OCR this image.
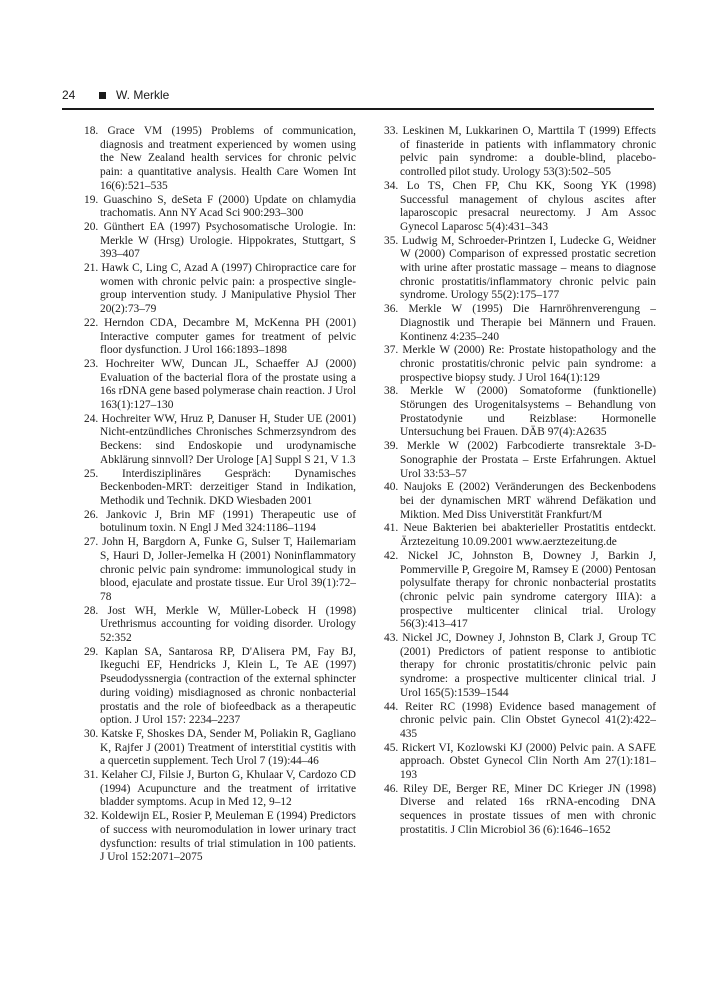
24	W. Merkle

18. Grace VM (1995) Problems of communication, diagnosis and treatment experienced by women using the New Zealand health services for chronic pelvic pain: a quantitative analysis. Health Care Women Int 16(6):521–535

19. Guaschino S, deSeta F (2000) Update on chlamydia trachomatis. Ann NY Acad Sci 900:293–300

20. Günthert EA (1997) Psychosomatische Urologie. In: Merkle W (Hrsg) Urologie. Hippokrates, Stuttgart, S 393–407

21. Hawk C, Ling C, Azad A (1997) Chiropractice care for women with chronic pelvic pain: a prospective single-group intervention study. J Manipulative Physiol Ther 20(2):73–79

22. Herndon CDA, Decambre M, McKenna PH (2001) Interactive computer games for treatment of pelvic floor dysfunction. J Urol 166:1893–1898

23. Hochreiter WW, Duncan JL, Schaeffer AJ (2000) Evaluation of the bacterial flora of the prostate using a 16s rDNA gene based polymerase chain reaction. J Urol 163(1):127–130

24. Hochreiter WW, Hruz P, Danuser H, Studer UE (2001) Nicht-entzündliches Chronisches Schmerzsyndrom des Beckens: sind Endoskopie und urodynamische Abklärung sinnvoll? Der Urologe [A] Suppl S 21, V 1.3

25. Interdisziplinäres Gespräch: Dynamisches Beckenboden-MRT: derzeitiger Stand in Indikation, Methodik und Technik. DKD Wiesbaden 2001

26. Jankovic J, Brin MF (1991) Therapeutic use of botulinum toxin. N Engl J Med 324:1186–1194

27. John H, Bargdorn A, Funke G, Sulser T, Hailemariam S, Hauri D, Joller-Jemelka H (2001) Noninflammatory chronic pelvic pain syndrome: immunological study in blood, ejaculate and prostate tissue. Eur Urol 39(1):72–78

28. Jost WH, Merkle W, Müller-Lobeck H (1998) Urethrismus accounting for voiding disorder. Urology 52:352

29. Kaplan SA, Santarosa RP, D'Alisera PM, Fay BJ, Ikeguchi EF, Hendricks J, Klein L, Te AE (1997) Pseudodyssnergia (contraction of the external sphincter during voiding) misdiagnosed as chronic nonbacterial prostatis and the role of biofeedback as a therapeutic option. J Urol 157: 2234–2237

30. Katske F, Shoskes DA, Sender M, Poliakin R, Gagliano K, Rajfer J (2001) Treatment of interstitial cystitis with a quercetin supplement. Tech Urol 7 (19):44–46

31. Kelaher CJ, Filsie J, Burton G, Khulaar V, Cardozo CD (1994) Acupuncture and the treatment of irritative bladder symptoms. Acup in Med 12, 9–12

32. Koldewijn EL, Rosier P, Meuleman E (1994) Predictors of success with neuromodulation in lower urinary tract dysfunction: results of trial stimulation in 100 patients. J Urol 152:2071–2075

33. Leskinen M, Lukkarinen O, Marttila T (1999) Effects of finasteride in patients with inflammatory chronic pelvic pain syndrome: a double-blind, placebo-controlled pilot study. Urology 53(3):502–505

34. Lo TS, Chen FP, Chu KK, Soong YK (1998) Successful management of chylous ascites after laparoscopic presacral neurectomy. J Am Assoc Gynecol Laparosc 5(4):431–343

35. Ludwig M, Schroeder-Printzen I, Ludecke G, Weidner W (2000) Comparison of expressed prostatic secretion with urine after prostatic massage – means to diagnose chronic prostatitis/inflammatory chronic pelvic pain syndrome. Urology 55(2):175–177

36. Merkle W (1995) Die Harnröhrenverengung – Diagnostik und Therapie bei Männern und Frauen. Kontinenz 4:235–240

37. Merkle W (2000) Re: Prostate histopathology and the chronic prostatitis/chronic pelvic pain syndrome: a prospective biopsy study. J Urol 164(1):129

38. Merkle W (2000) Somatoforme (funktionelle) Störungen des Urogenitalsystems – Behandlung von Prostatodynie und Reizblase: Hormonelle Untersuchung bei Frauen. DÄB 97(4):A2635

39. Merkle W (2002) Farbcodierte transrektale 3-D-Sonographie der Prostata – Erste Erfahrungen. Aktuel Urol 33:53–57

40. Naujoks E (2002) Veränderungen des Beckenbodens bei der dynamischen MRT während Defäkation und Miktion. Med Diss Universtität Frankfurt/M

41. Neue Bakterien bei abakterieller Prostatitis entdeckt. Ärztezeitung 10.09.2001 www.aerztezeitung.de

42. Nickel JC, Johnston B, Downey J, Barkin J, Pommerville P, Gregoire M, Ramsey E (2000) Pentosan polysulfate therapy for chronic nonbacterial prostatits (chronic pelvic pain syndrome catergory IIIA): a prospective multicenter clinical trial. Urology 56(3):413–417

43. Nickel JC, Downey J, Johnston B, Clark J, Group TC (2001) Predictors of patient response to antibiotic therapy for chronic prostatitis/chronic pelvic pain syndrome: a prospective multicenter clinical trial. J Urol 165(5):1539–1544

44. Reiter RC (1998) Evidence based management of chronic pelvic pain. Clin Obstet Gynecol 41(2):422–435

45. Rickert VI, Kozlowski KJ (2000) Pelvic pain. A SAFE approach. Obstet Gynecol Clin North Am 27(1):181–193

46. Riley DE, Berger RE, Miner DC Krieger JN (1998) Diverse and related 16s rRNA-encoding DNA sequences in prostate tissues of men with chronic prostatitis. J Clin Microbiol 36 (6):1646–1652
